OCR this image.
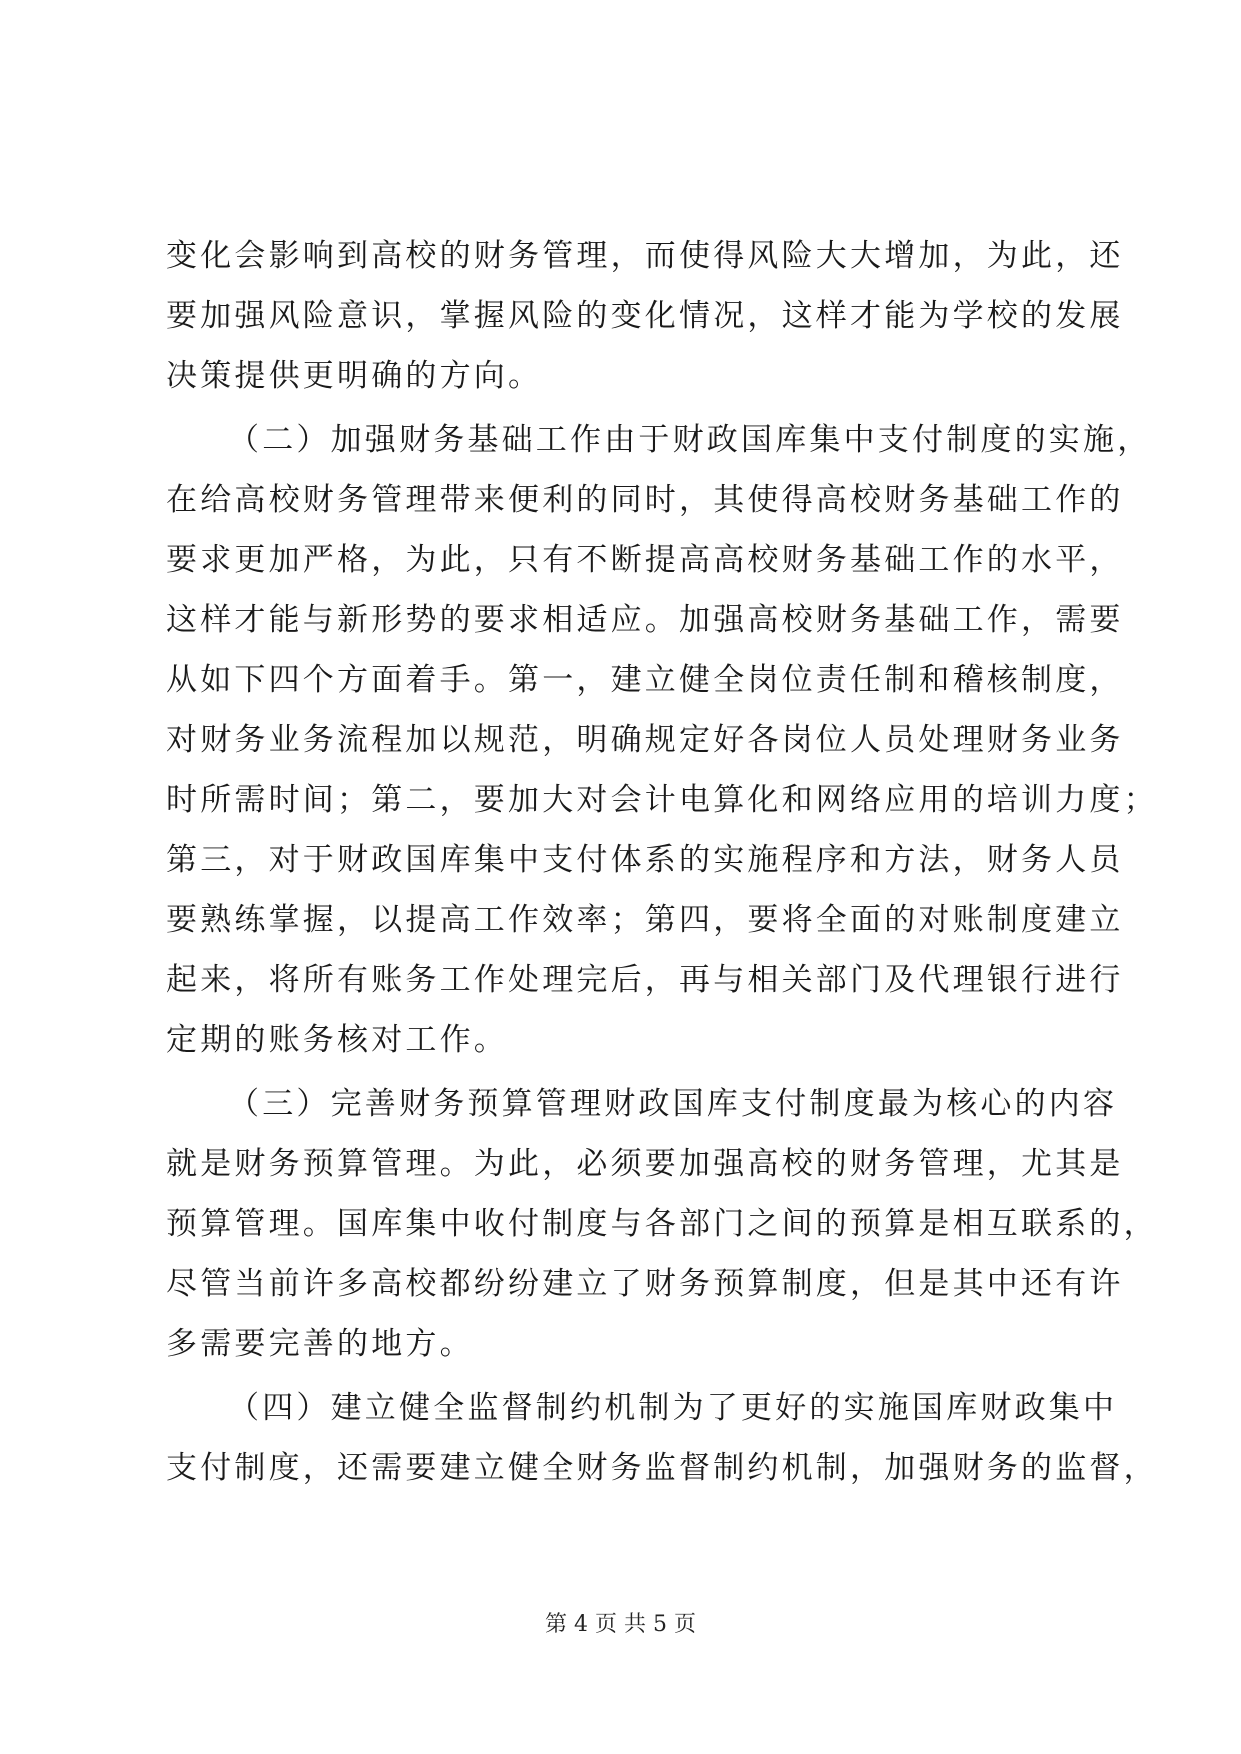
变化会影响到高校的财务管理，而使得风险大大增加，为此，还
要加强风险意识，掌握风险的变化情况，这样才能为学校的发展
决策提供更明确的方向。
（二）加强财务基础工作由于财政国库集中支付制度的实施，
在给高校财务管理带来便利的同时，其使得高校财务基础工作的
要求更加严格，为此，只有不断提高高校财务基础工作的水平，
这样才能与新形势的要求相适应。加强高校财务基础工作，需要
从如下四个方面着手。第一，建立健全岗位责任制和稽核制度，
对财务业务流程加以规范，明确规定好各岗位人员处理财务业务
时所需时间；第二，要加大对会计电算化和网络应用的培训力度；
第三，对于财政国库集中支付体系的实施程序和方法，财务人员
要熟练掌握，以提高工作效率；第四，要将全面的对账制度建立
起来，将所有账务工作处理完后，再与相关部门及代理银行进行
定期的账务核对工作。
（三）完善财务预算管理财政国库支付制度最为核心的内容
就是财务预算管理。为此，必须要加强高校的财务管理，尤其是
预算管理。国库集中收付制度与各部门之间的预算是相互联系的，
尽管当前许多高校都纷纷建立了财务预算制度，但是其中还有许
多需要完善的地方。
（四）建立健全监督制约机制为了更好的实施国库财政集中
支付制度，还需要建立健全财务监督制约机制，加强财务的监督，
第 4 页 共 5 页
